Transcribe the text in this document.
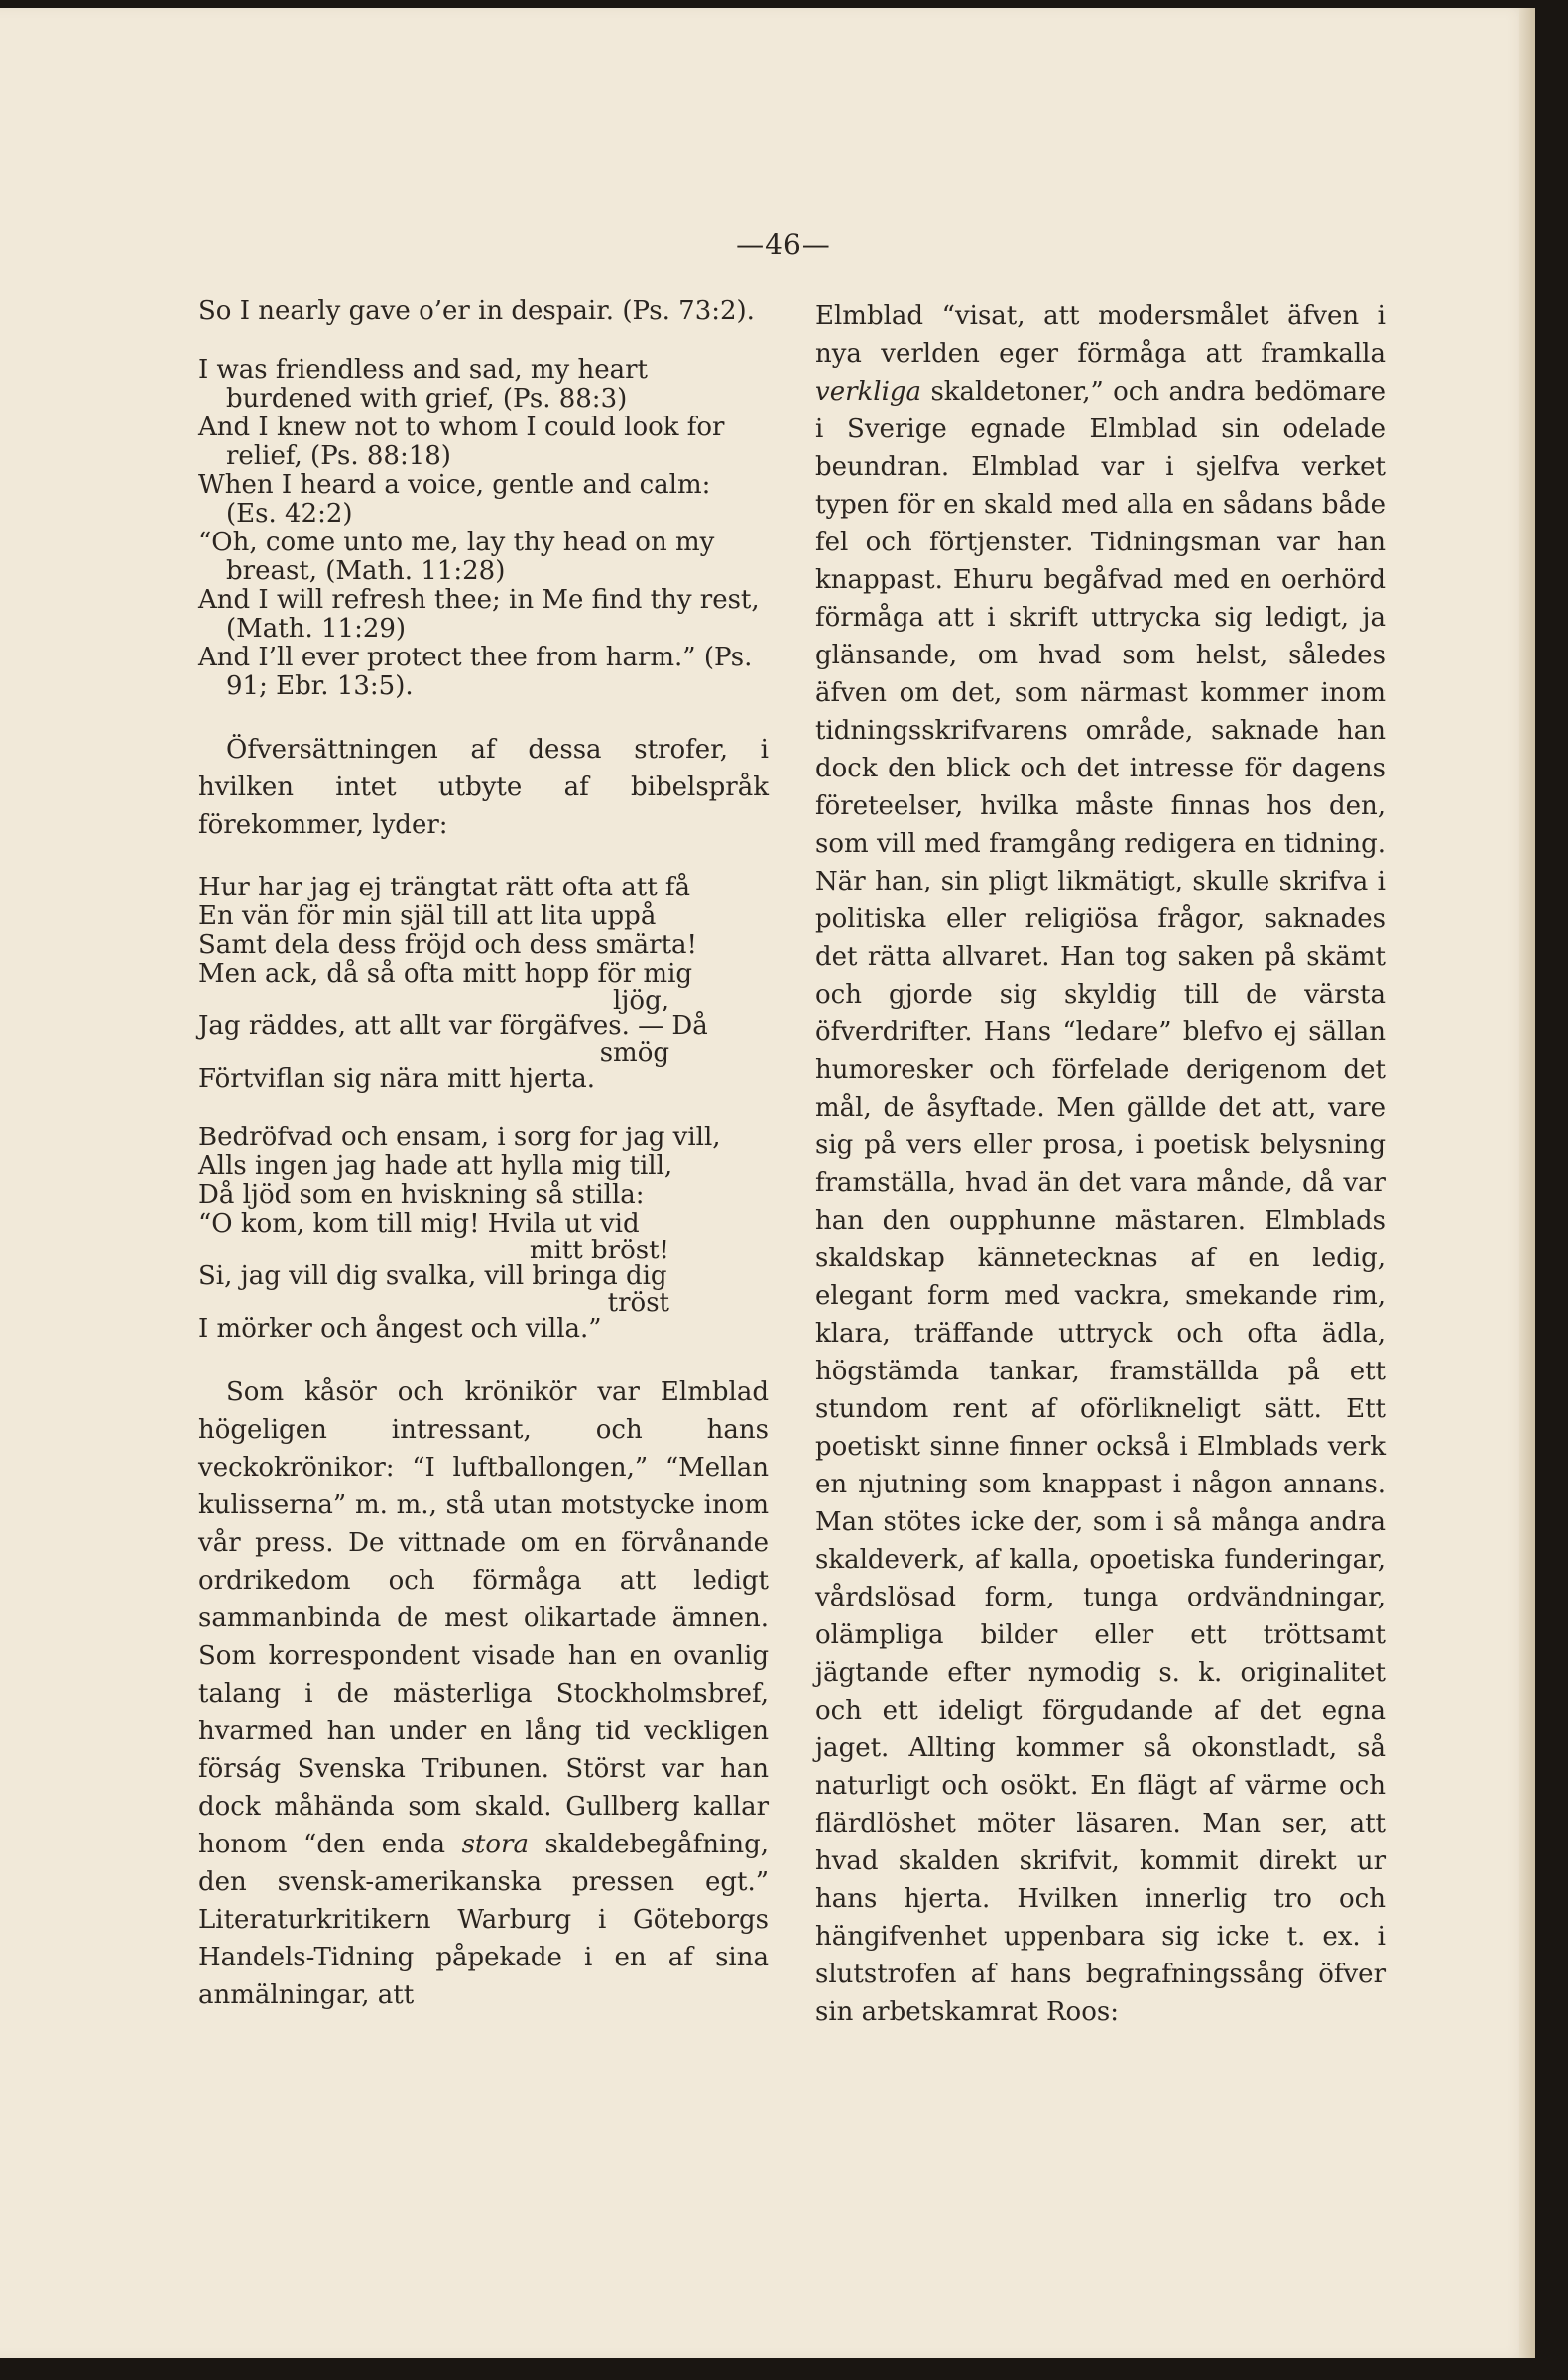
—46—

So I nearly gave o’er in despair. (Ps. 73:2).

I was friendless and sad, my heart burdened with grief, (Ps. 88:3)

And I knew not to whom I could look for relief, (Ps. 88:18)

When I heard a voice, gentle and calm: (Es. 42:2)

“Oh, come unto me, lay thy head on my breast, (Math. 11:28)

And I will refresh thee; in Me find thy rest, (Math. 11:29)

And I’ll ever protect thee from harm.” (Ps. 91; Ebr. 13:5).

Öfversättningen af dessa strofer, i hvilken intet utbyte af bibelspråk förekommer, lyder:

Hur har jag ej trängtat rätt ofta att få

En vän för min själ till att lita uppå

Samt dela dess fröjd och dess smärta!

Men ack, då så ofta mitt hopp för mig

ljög,

Jag räddes, att allt var förgäfves. — Då

smög

Förtviflan sig nära mitt hjerta.

Bedröfvad och ensam, i sorg for jag vill,

Alls ingen jag hade att hylla mig till,

Då ljöd som en hviskning så stilla:

“O kom, kom till mig! Hvila ut vid

mitt bröst!

Si, jag vill dig svalka, vill bringa dig

tröst

I mörker och ångest och villa.”

Som kåsör och krönikör var Elmblad högeligen intressant, och hans veckokrönikor: “I luftballongen,” “Mellan kulisserna” m. m., stå utan motstycke inom vår press. De vittnade om en förvånande ordrikedom och förmåga att ledigt sammanbinda de mest olikartade ämnen. Som korrespondent visade han en ovanlig talang i de mästerliga Stockholmsbref, hvarmed han under en lång tid veckligen förság Svenska Tribunen. Störst var han dock måhända som skald. Gullberg kallar honom “den enda stora skaldebegåfning, den svensk-amerikanska pressen egt.” Literaturkritikern Warburg i Göteborgs Handels-Tidning påpekade i en af sina anmälningar, att

Elmblad “visat, att modersmålet äfven i nya verlden eger förmåga att framkalla verkliga skaldetoner,” och andra bedömare i Sverige egnade Elmblad sin odelade beundran. Elmblad var i sjelfva verket typen för en skald med alla en sådans både fel och förtjenster. Tidningsman var han knappast. Ehuru begåfvad med en oerhörd förmåga att i skrift uttrycka sig ledigt, ja glänsande, om hvad som helst, således äfven om det, som närmast kommer inom tidningsskrifvarens område, saknade han dock den blick och det intresse för dagens företeelser, hvilka måste finnas hos den, som vill med framgång redigera en tidning. När han, sin pligt likmätigt, skulle skrifva i politiska eller religiösa frågor, saknades det rätta allvaret. Han tog saken på skämt och gjorde sig skyldig till de värsta öfverdrifter. Hans “ledare” blefvo ej sällan humoresker och förfelade derigenom det mål, de åsyftade. Men gällde det att, vare sig på vers eller prosa, i poetisk belysning framställa, hvad än det vara månde, då var han den oupphunne mästaren. Elmblads skaldskap kännetecknas af en ledig, elegant form med vackra, smekande rim, klara, träffande uttryck och ofta ädla, högstämda tankar, framställda på ett stundom rent af oförlikneligt sätt. Ett poetiskt sinne finner också i Elmblads verk en njutning som knappast i någon annans. Man stötes icke der, som i så många andra skaldeverk, af kalla, opoetiska funderingar, vårdslösad form, tunga ordvändningar, olämpliga bilder eller ett tröttsamt jägtande efter nymodig s. k. originalitet och ett ideligt förgudande af det egna jaget. Allting kommer så okonstladt, så naturligt och osökt. En flägt af värme och flärdlöshet möter läsaren. Man ser, att hvad skalden skrifvit, kommit direkt ur hans hjerta. Hvilken innerlig tro och hängifvenhet uppenbara sig icke t. ex. i slutstrofen af hans begrafningssång öfver sin arbetskamrat Roos:
